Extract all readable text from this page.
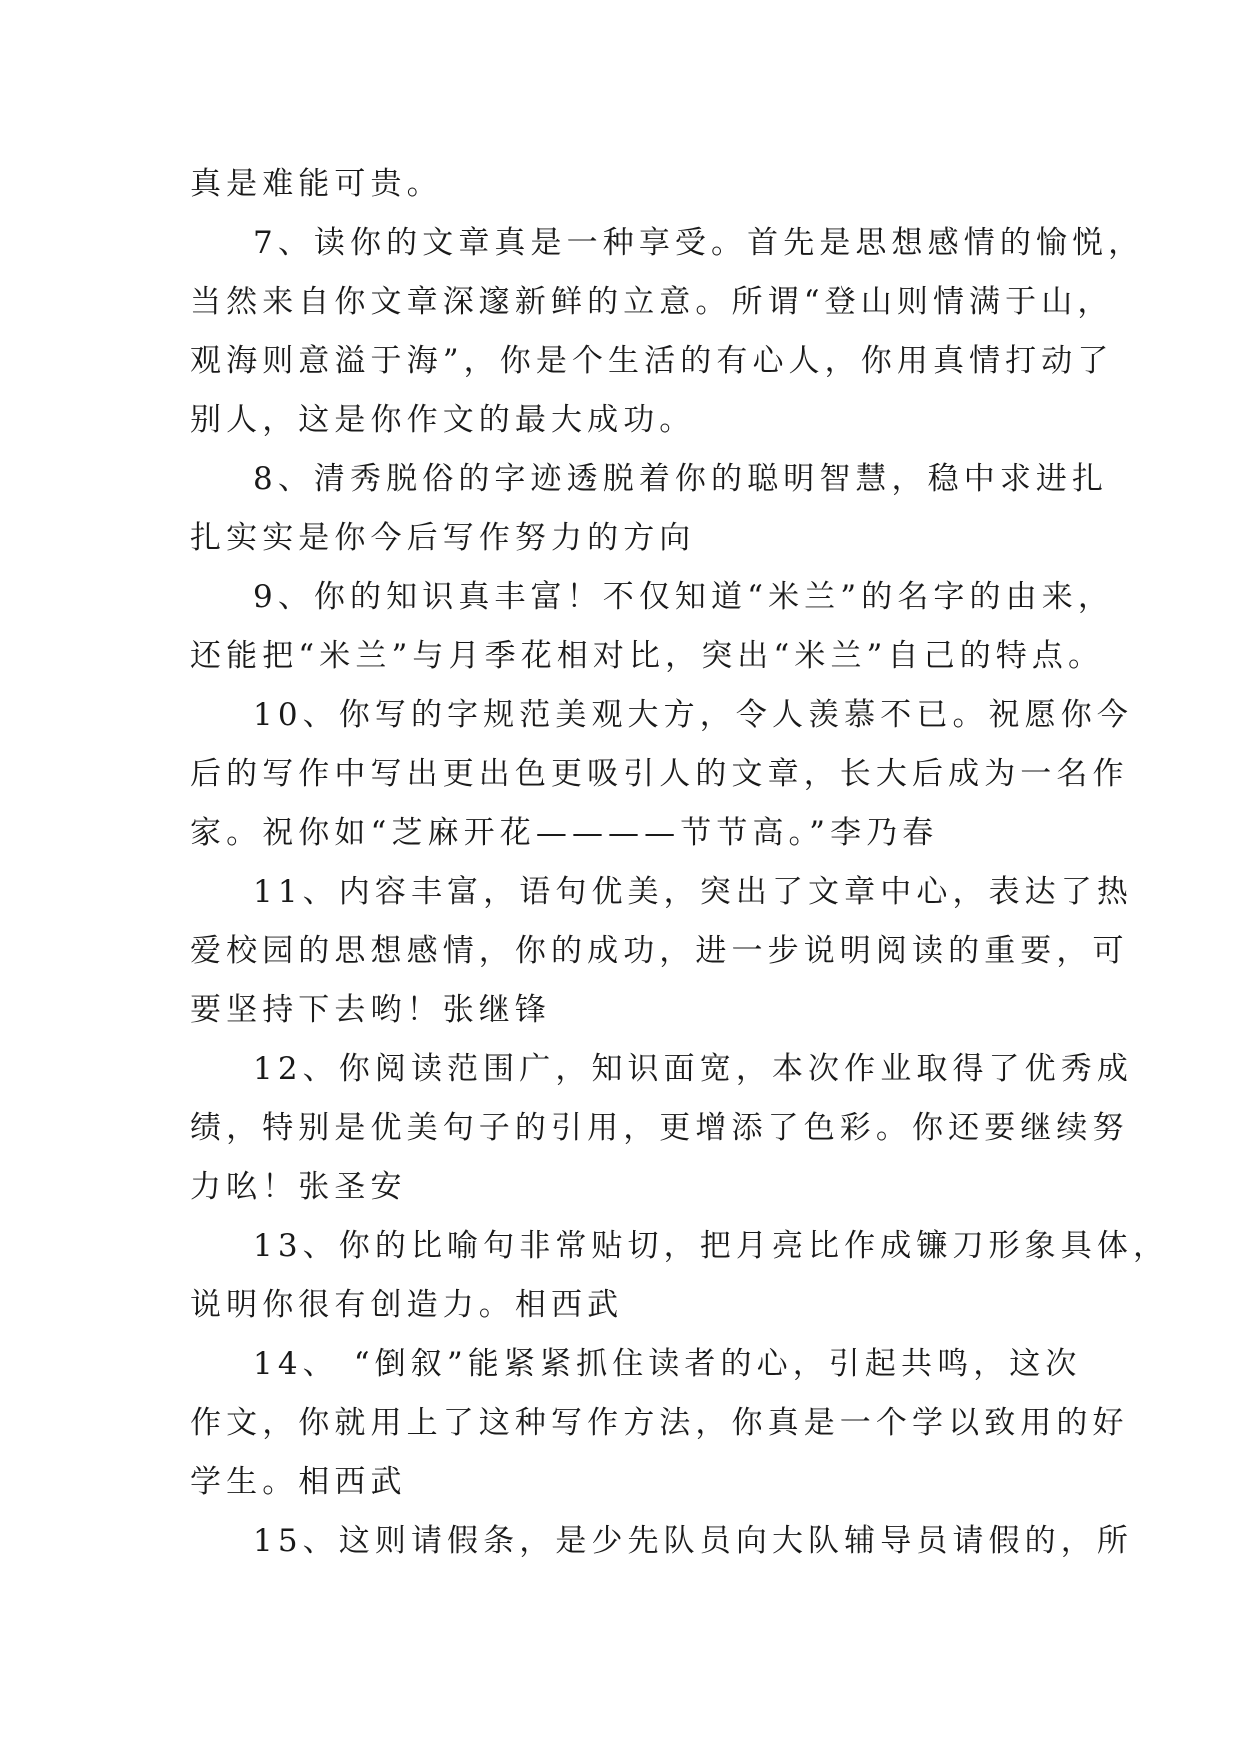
真是难能可贵。

7、读你的文章真是一种享受。首先是思想感情的愉悦，

当然来自你文章深邃新鲜的立意。所谓“登山则情满于山，

观海则意溢于海”，你是个生活的有心人，你用真情打动了

别人，这是你作文的最大成功。

8、清秀脱俗的字迹透脱着你的聪明智慧，稳中求进扎

扎实实是你今后写作努力的方向

9、你的知识真丰富！不仅知道“米兰”的名字的由来，

还能把“米兰”与月季花相对比，突出“米兰”自己的特点。

10、你写的字规范美观大方，令人羡慕不已。祝愿你今

后的写作中写出更出色更吸引人的文章，长大后成为一名作

家。祝你如“芝麻开花————节节高。”李乃春

11、内容丰富，语句优美，突出了文章中心，表达了热

爱校园的思想感情，你的成功，进一步说明阅读的重要，可

要坚持下去哟！张继锋

12、你阅读范围广，知识面宽，本次作业取得了优秀成

绩，特别是优美句子的引用，更增添了色彩。你还要继续努

力吆！张圣安

13、你的比喻句非常贴切，把月亮比作成镰刀形象具体，

说明你很有创造力。相西武

14、 “倒叙”能紧紧抓住读者的心，引起共鸣，这次

作文，你就用上了这种写作方法，你真是一个学以致用的好

学生。相西武

15、这则请假条，是少先队员向大队辅导员请假的，所
